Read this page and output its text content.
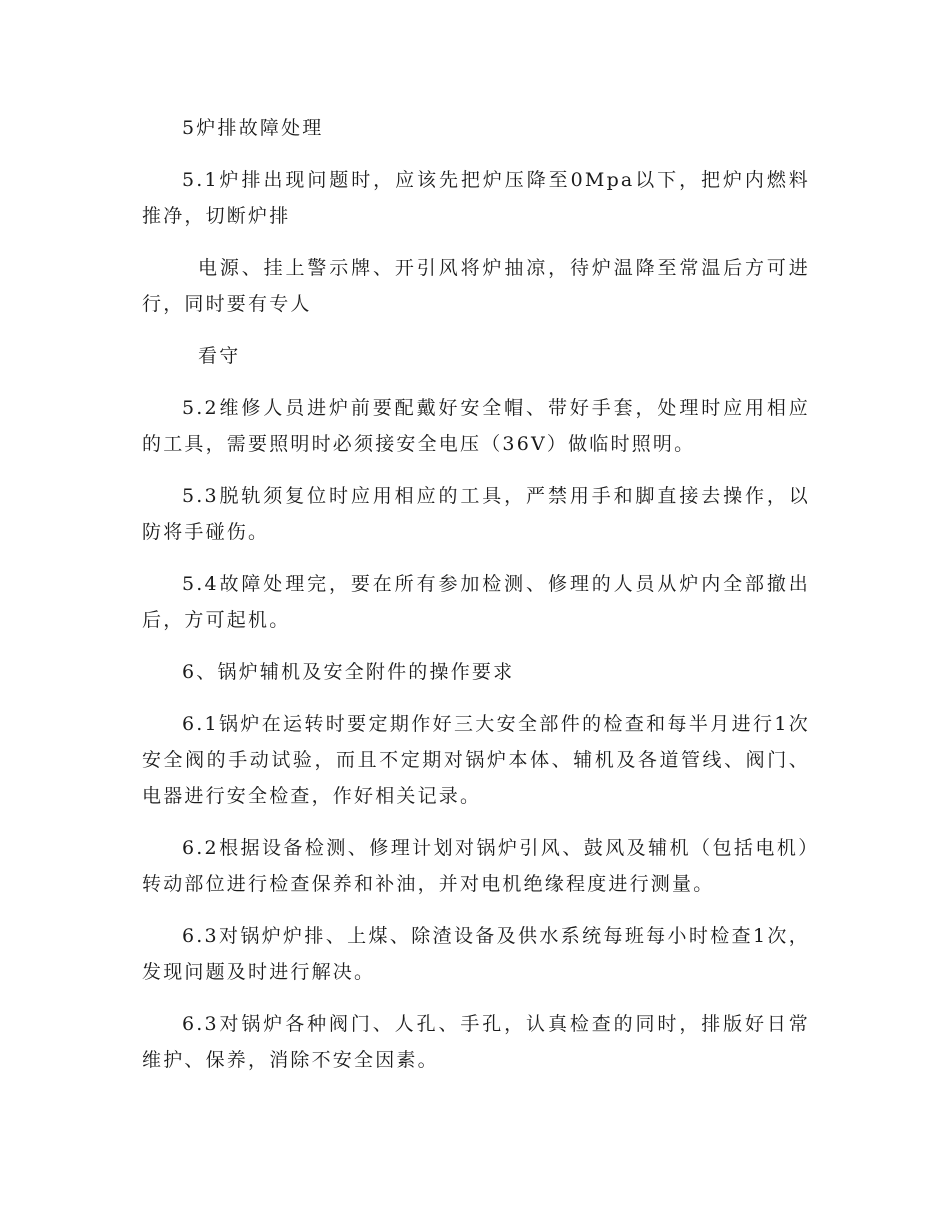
5炉排故障处理

5.1炉排出现问题时，应该先把炉压降至0Mpa以下，把炉内燃料推净，切断炉排

电源、挂上警示牌、开引风将炉抽凉，待炉温降至常温后方可进行，同时要有专人

看守

5.2维修人员进炉前要配戴好安全帽、带好手套，处理时应用相应的工具，需要照明时必须接安全电压（36V）做临时照明。

5.3脱轨须复位时应用相应的工具，严禁用手和脚直接去操作，以防将手碰伤。

5.4故障处理完，要在所有参加检测、修理的人员从炉内全部撤出后，方可起机。

6、锅炉辅机及安全附件的操作要求

6.1锅炉在运转时要定期作好三大安全部件的检查和每半月进行1次安全阀的手动试验，而且不定期对锅炉本体、辅机及各道管线、阀门、电器进行安全检查，作好相关记录。

6.2根据设备检测、修理计划对锅炉引风、鼓风及辅机（包括电机）转动部位进行检查保养和补油，并对电机绝缘程度进行测量。

6.3对锅炉炉排、上煤、除渣设备及供水系统每班每小时检查1次，发现问题及时进行解决。

6.3对锅炉各种阀门、人孔、手孔，认真检查的同时，排版好日常维护、保养，消除不安全因素。
